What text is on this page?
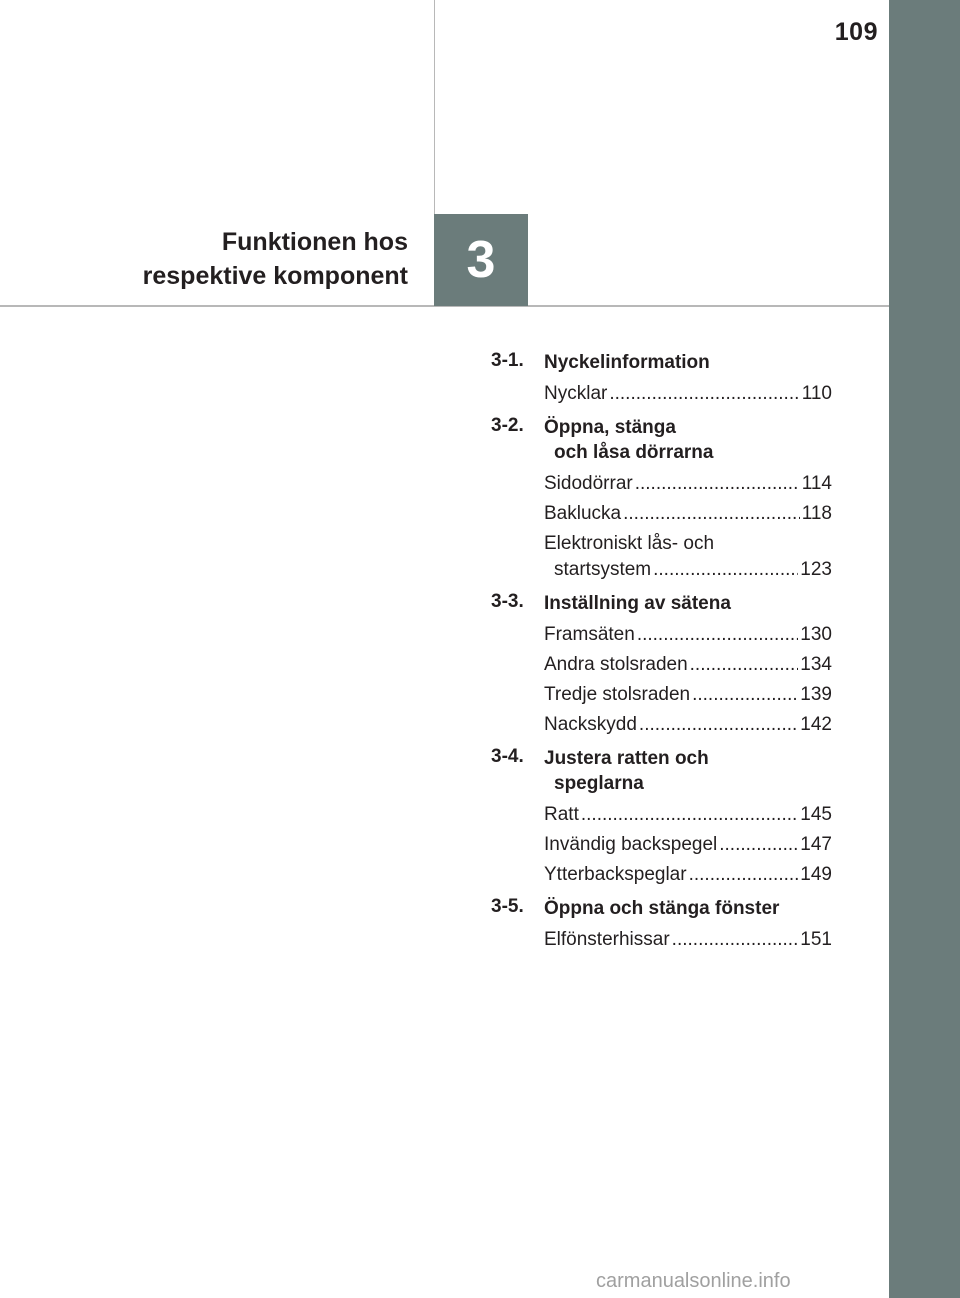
109
Funktionen hos
respektive komponent	3
3-1. Nyckelinformation
Nycklar .....	110
3-2. Öppna, stänga
och låsa dörrarna
Sidodörrar .....	114
Baklucka .....	118
Elektroniskt lås- och
startsystem .....	123
3-3. Inställning av sätena
Framsäten .....	130
Andra stolsraden .....	134
Tredje stolsraden .....	139
Nackskydd .....	142
3-4. Justera ratten och
speglarna
Ratt .....	145
Invändig backspegel .....	147
Ytterbackspeglar .....	149
3-5. Öppna och stänga fönster
Elfönsterhissar .....	151
carmanualsonline.info
